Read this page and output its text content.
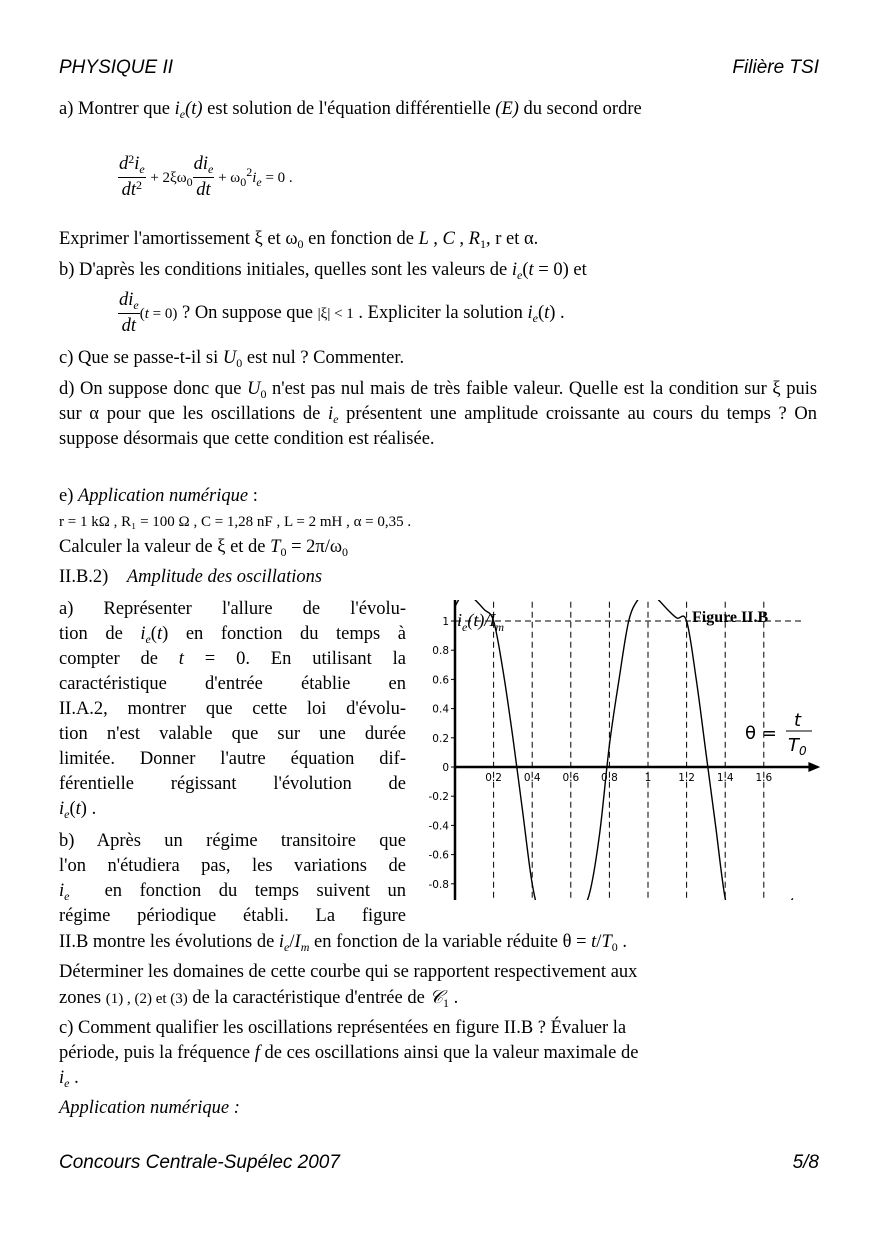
PHYSIQUE II	Filière TSI
a) Montrer que $i_e(t)$ est solution de l'équation différentielle (E) du second ordre
$\frac{d^2i_e}{dt^2} + 2\xi\omega_0 \frac{di_e}{dt} + \omega_0^2i_e = 0$ .
Exprimer l'amortissement ξ et $\omega_0$ en fonction de L , C , $R_1$, r et α.
b) D'après les conditions initiales, quelles sont les valeurs de $i_e(t = 0)$ et
$\frac{di_e}{dt} (t = 0)$ ? On suppose que |ξ| < 1 . Expliciter la solution $i_e(t)$ .
c) Que se passe-t-il si $U_0$ est nul ? Commenter.
d) On suppose donc que $U_0$ n'est pas nul mais de très faible valeur. Quelle est la condition sur ξ puis sur α pour que les oscillations de $i_e$ présentent une amplitude croissante au cours du temps ? On suppose désormais que cette condition est réalisée.
e) Application numérique :
r = 1 kΩ , R₁ = 100 Ω , C = 1,28 nF , L = 2 mH , α = 0,35 .
Calculer la valeur de ξ et de $T_0 = 2\pi/\omega_0$
II.B.2) Amplitude des oscillations
a) Représenter l'allure de l'évolu-
tion de $i_e(t)$ en fonction du temps à
compter de t = 0. En utilisant la
caractéristique d'entrée établie en
II.A.2, montrer que cette loi d'évolu-
tion n'est valable que sur une durée
limitée. Donner l'autre équation dif-
férentielle régissant l'évolution de
$i_e(t)$ .
b) Après un régime transitoire que
l'on n'étudiera pas, les variations de
$i_e$ en fonction du temps suivent un
régime périodique établi. La figure
II.B montre les évolutions de $i_e/I_m$ en fonction de la variable réduite $\theta = t/T_0$ .
Déterminer les domaines de cette courbe qui se rapportent respectivement aux
zones (1) , (2) et (3) de la caractéristique d'entrée de 𝒞$_1$ .
c) Comment qualifier les oscillations représentées en figure II.B ? Évaluer la
période, puis la fréquence f de ces oscillations ainsi que la valeur maximale de
$i_e$ .
Application numérique :
1
0.8
0.6
0.4
0.2
0
-0.2
-0.4
-0.6
-0.8
0.2 0.4 0.6 0.8	1	1.2 1.4 1.6
Figure II.B
$i_e(t)/I_m$
θ =
t
$T_0$
Concours Centrale-Supélec 2007	5/8
